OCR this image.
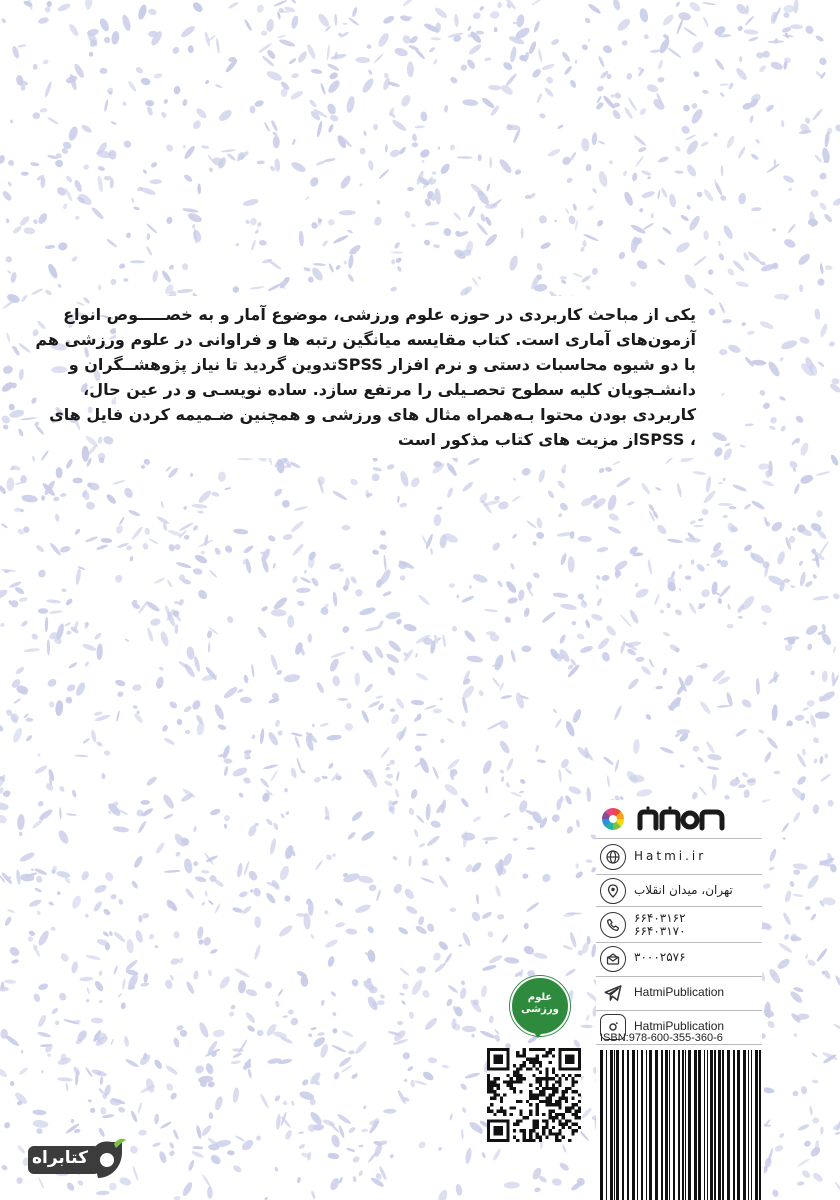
یکی از مباحث کاربردی در حوزه علوم ورزشی، موضوع آمار و به خصـــــوص انواع

آزمون‌های آماری است. کتاب مقایسه میانگین رتبه ها و فراوانی در علوم ورزشی هم

با دو شیوه محاسبات دستی و نرم افزار SPSSتدوین گردید تا نیاز پژوهشــگران و

دانشـجویان کلیه سطوح تحصـیلی را مرتفع سازد. ساده نویسـی و در عین حال،

کاربردی بودن محتوا بـه‌همراه مثال های ورزشی و همچنین ضـمیمه کردن فایل های

، SPSSاز مزیت های کتاب مذکور است

علوم ورزشی
Hatmi.ir
تهران، میدان انقلاب
۶۶۴۰۳۱۶۲
۶۶۴۰۳۱۷۰
۳۰۰۰۲۵۷۶
HatmiPublication
HatmiPublication
ISBN:978-600-355-360-6
کتابراه
